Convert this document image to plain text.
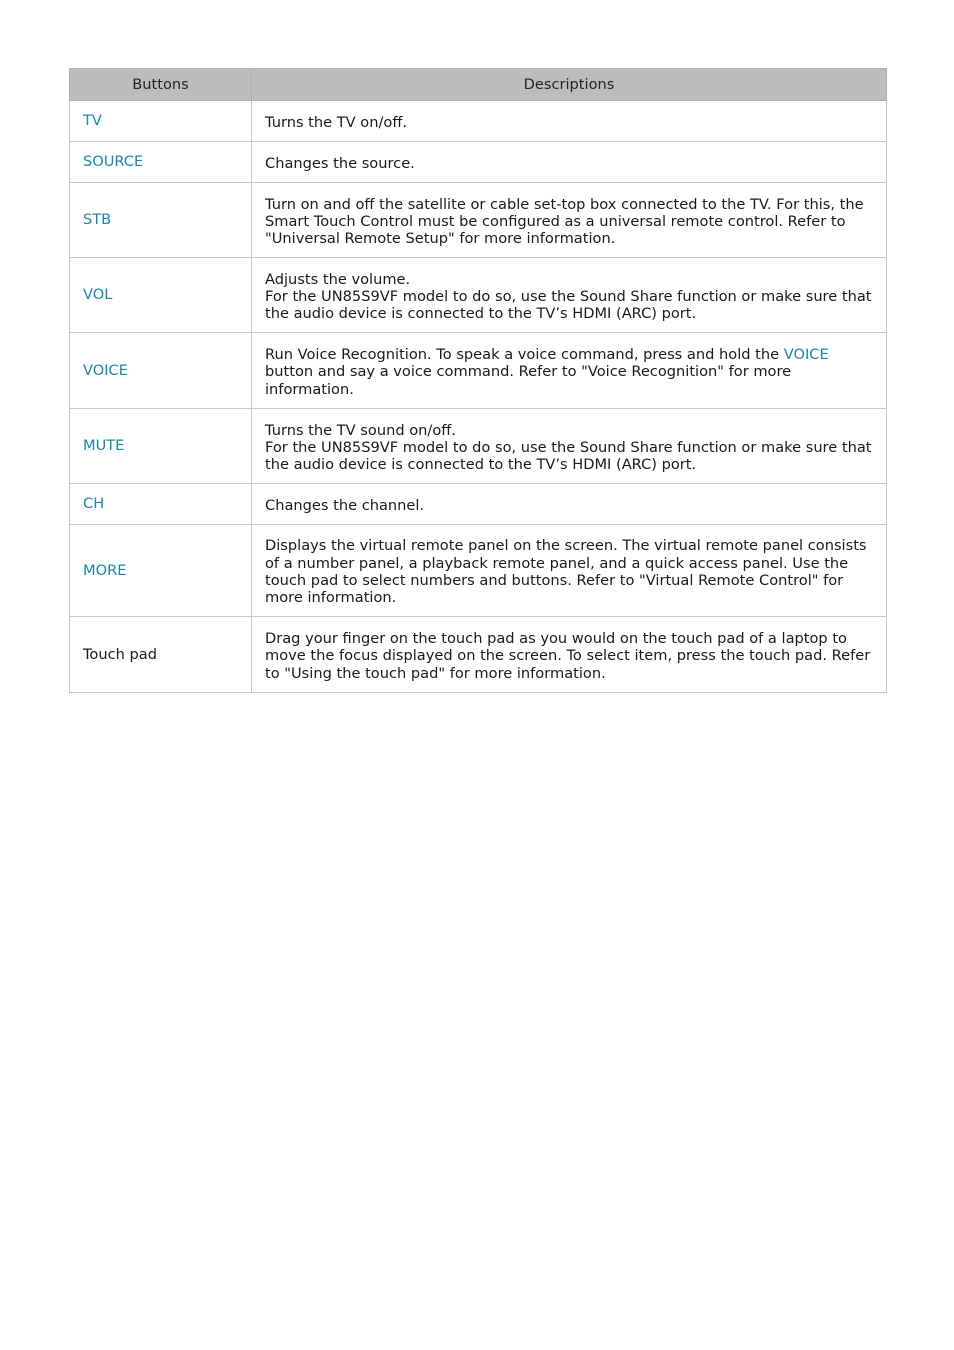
Buttons	Descriptions
TV	Turns the TV on/off.

SOURCE	Changes the source.

STB	Turn on and off the satellite or cable set-top box connected to the TV. For this, the Smart Touch Control must be configured as a universal remote control. Refer to "Universal Remote Setup" for more information.

VOL	Adjusts the volume.
For the UN85S9VF model to do so, use the Sound Share function or make sure that the audio device is connected to the TV’s HDMI (ARC) port.

VOICE	Run Voice Recognition. To speak a voice command, press and hold the VOICE button and say a voice command. Refer to "Voice Recognition" for more information.
MUTE	Turns the TV sound on/off.
For the UN85S9VF model to do so, use the Sound Share function or make sure that the audio device is connected to the TV’s HDMI (ARC) port.

CH	Changes the channel.

MORE	Displays the virtual remote panel on the screen. The virtual remote panel consists of a number panel, a playback remote panel, and a quick access panel. Use the touch pad to select numbers and buttons. Refer to "Virtual Remote Control" for more information.

Touch pad	Drag your finger on the touch pad as you would on the touch pad of a laptop to move the focus displayed on the screen. To select item, press the touch pad. Refer to "Using the touch pad" for more information.
